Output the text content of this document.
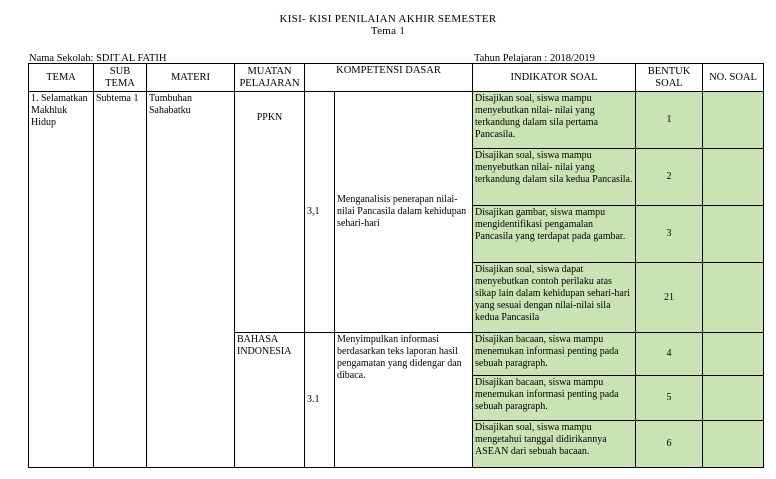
KISI- KISI PENILAIAN AKHIR SEMESTER
Tema 1
Nama Sekolah: SDIT AL FATIH	Tahun Pelajaran : 2018/2019
TEMA	SUB TEMA	MATERI	MUATAN PELAJARAN	KOMPETENSI DASAR		INDIKATOR SOAL	BENTUK SOAL	NO. SOAL
1. Selamatkan Makhluk Hidup	Subtema 1	Tumbuhan Sahabatku	PPKN	3,1	Menganalisis penerapan nilai-nilai Pancasila dalam kehidupan sehari-hari	Disajikan soal, siswa mampu menyebutkan nilai- nilai yang terkandung dalam sila pertama Pancasila.	1	
						Disajikan soal, siswa mampu menyebutkan nilai- nilai yang terkandung dalam sila kedua Pancasila.	2	
						Disajikan gambar, siswa mampu mengidentifikasi pengamalan Pancasila yang terdapat pada gambar.	3	
						Disajikan soal, siswa dapat menyebutkan contoh perilaku atas sikap lain dalam kehidupan sehari-hari yang sesuai dengan nilai-nilai sila kedua Pancasila	21	
			BAHASA INDONESIA	3.1	Menyimpulkan informasi berdasarkan teks laporan hasil pengamatan yang didengar dan dibaca.	Disajikan bacaan, siswa mampu menemukan informasi penting pada sebuah paragraph.	4	
						Disajikan bacaan, siswa mampu menemukan informasi penting pada sebuah paragraph.	5	
						Disajikan soal, siswa mampu mengetahui tanggal didirikannya ASEAN dari sebuah bacaan.	6	
